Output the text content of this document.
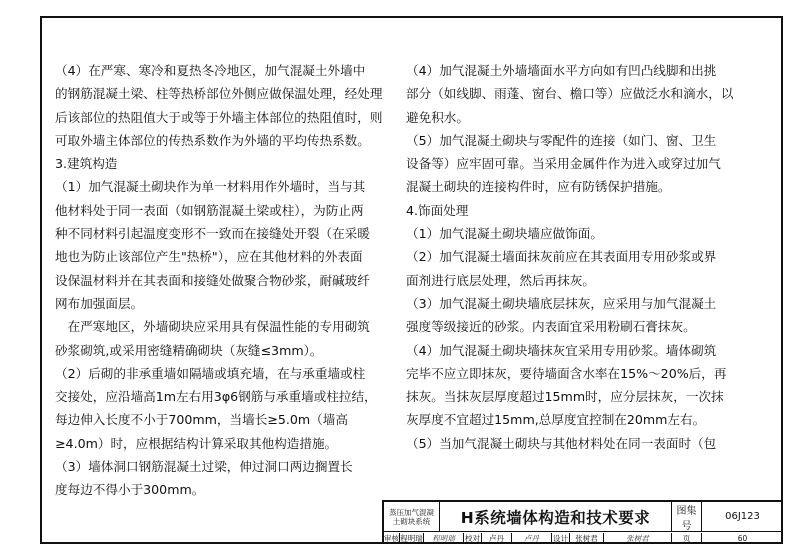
（4）在严寒、寒冷和夏热冬冷地区，加气混凝土外墙中

的钢筋混凝土梁、柱等热桥部位外侧应做保温处理，经处理

后该部位的热阻值大于或等于外墙主体部位的热阻值时，则

可取外墙主体部位的传热系数作为外墙的平均传热系数。

3.建筑构造

（1）加气混凝土砌块作为单一材料用作外墙时，当与其

他材料处于同一表面（如钢筋混凝土梁或柱），为防止两

种不同材料引起温度变形不一致而在接缝处开裂（在采暖

地也为防止该部位产生"热桥"），应在其他材料的外表面

设保温材料并在其表面和接缝处做聚合物砂浆，耐碱玻纤

网布加强面层。

　在严寒地区，外墙砌块应采用具有保温性能的专用砌筑

砂浆砌筑,或采用密缝精确砌块（灰缝≤3mm）。

（2）后砌的非承重墙如隔墙或填充墙，在与承重墙或柱

交接处，应沿墙高1m左右用3φ6钢筋与承重墙或柱拉结，

每边伸入长度不小于700mm，当墙长≥5.0m（墙高

≥4.0m）时，应根据结构计算采取其他构造措施。

（3）墙体洞口钢筋混凝土过梁，伸过洞口两边搁置长

度每边不得小于300mm。

（4）加气混凝土外墙墙面水平方向如有凹凸线脚和出挑

部分（如线脚、雨蓬、窗台、檐口等）应做泛水和滴水，以

避免积水。

（5）加气混凝土砌块与零配件的连接（如门、窗、卫生

设备等）应牢固可靠。当采用金属件作为进入或穿过加气

混凝土砌块的连接构件时，应有防锈保护措施。

4.饰面处理

（1）加气混凝土砌块墙应做饰面。

（2）加气混凝土墙面抹灰前应在其表面用专用砂浆或界

面剂进行底层处理，然后再抹灰。

（3）加气混凝土砌块墙底层抹灰，应采用与加气混凝土

强度等级接近的砂浆。内表面宜采用粉刷石膏抹灰。

（4）加气混凝土砌块墙抹灰宜采用专用砂浆。墙体砌筑

完毕不应立即抹灰，要待墙面含水率在15%～20%后，再

抹灰。当抹灰层厚度超过15mm时，应分层抹灰，一次抹

灰厚度不宜超过15mm,总厚度宜控制在20mm左右。

（5）当加气混凝土砌块与其他材料处在同一表面时（包

蒸压加气混凝
土砌块系统 H系统墙体构造和技术要求	图集号
06J123
审核 程明瑞 程明瑞 校对 卢丹	卢丹 设计 张树君	张树君	页	60
